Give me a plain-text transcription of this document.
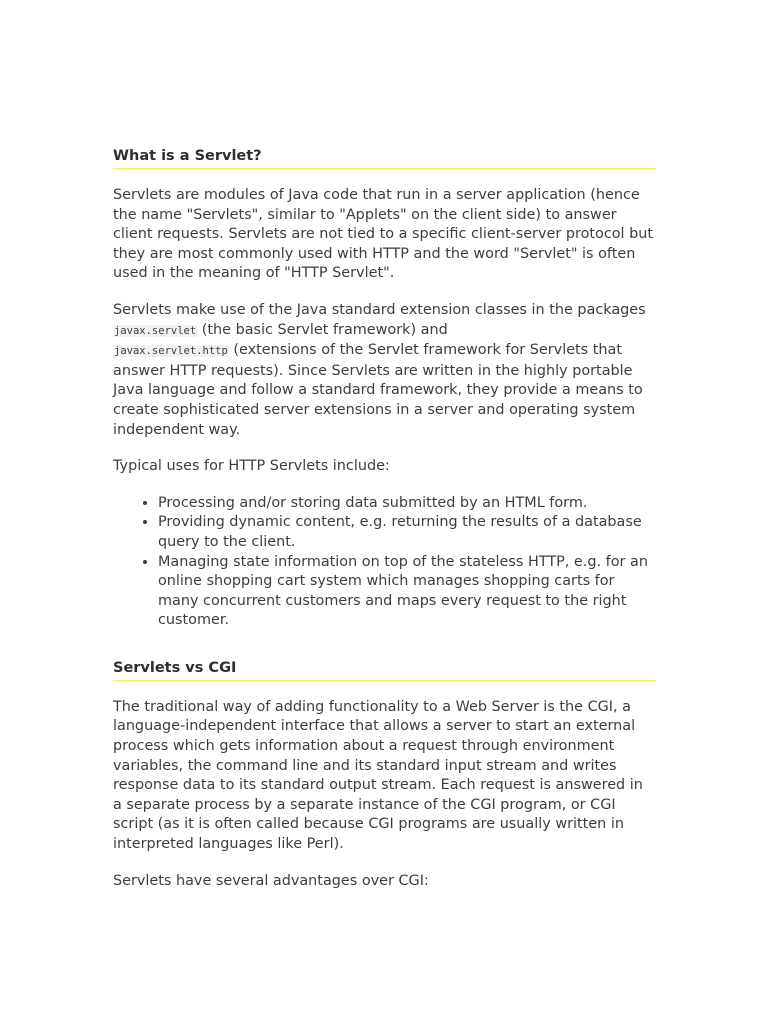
What is a Servlet?

Servlets are modules of Java code that run in a server application (hence the name "Servlets", similar to "Applets" on the client side) to answer client requests. Servlets are not tied to a specific client-server protocol but they are most commonly used with HTTP and the word "Servlet" is often used in the meaning of "HTTP Servlet".

Servlets make use of the Java standard extension classes in the packages javax.servlet (the basic Servlet framework) and
javax.servlet.http (extensions of the Servlet framework for Servlets that answer HTTP requests). Since Servlets are written in the highly portable Java language and follow a standard framework, they provide a means to create sophisticated server extensions in a server and operating system independent way.

Typical uses for HTTP Servlets include:

• Processing and/or storing data submitted by an HTML form.
• Providing dynamic content, e.g. returning the results of a database query to the client.
• Managing state information on top of the stateless HTTP, e.g. for an online shopping cart system which manages shopping carts for many concurrent customers and maps every request to the right customer.
Servlets vs CGI

The traditional way of adding functionality to a Web Server is the CGI, a language-independent interface that allows a server to start an external process which gets information about a request through environment variables, the command line and its standard input stream and writes response data to its standard output stream. Each request is answered in a separate process by a separate instance of the CGI program, or CGI script (as it is often called because CGI programs are usually written in interpreted languages like Perl).

Servlets have several advantages over CGI:
